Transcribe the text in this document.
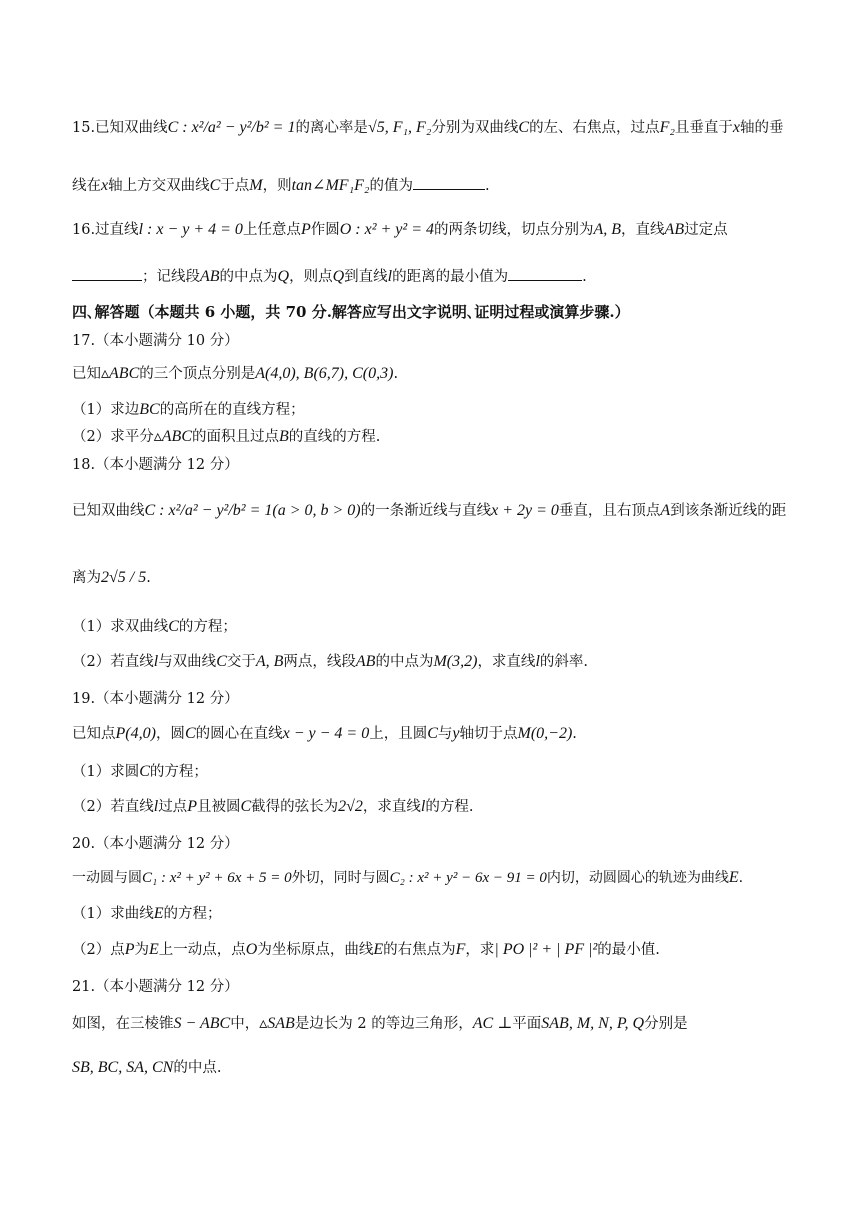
15.已知双曲线C : x²/a² − y²/b² = 1的离心率是√5, F₁, F₂分别为双曲线C的左、右焦点，过点F₂且垂直于x轴的垂
线在x轴上方交双曲线C于点M，则tan∠MF₁F₂的值为	.
16.过直线l : x − y + 4 = 0上任意点P作圆O : x² + y² = 4的两条切线，切点分别为A, B，直线AB过定点
；记线段AB的中点为Q，则点Q到直线l的距离的最小值为	.
四､解答题（本题共 6 小题，共 70 分.解答应写出文字说明､证明过程或演算步骤.）
17.（本小题满分 10 分）
已知▵ABC的三个顶点分别是A(4,0), B(6,7), C(0,3).
（1）求边BC的高所在的直线方程；
（2）求平分▵ABC的面积且过点B的直线的方程.
18.（本小题满分 12 分）
已知双曲线C : x²/a² − y²/b² = 1(a > 0, b > 0)的一条渐近线与直线x + 2y = 0垂直，且右顶点A到该条渐近线的距
离为2√5 / 5.
（1）求双曲线C的方程；
（2）若直线l与双曲线C交于A, B两点，线段AB的中点为M(3,2)，求直线l的斜率.
19.（本小题满分 12 分）
已知点P(4,0)，圆C的圆心在直线x − y − 4 = 0上，且圆C与y轴切于点M(0,−2).
（1）求圆C的方程；
（2）若直线l过点P且被圆C截得的弦长为2√2，求直线l的方程.
20.（本小题满分 12 分）
一动圆与圆C₁ : x² + y² + 6x + 5 = 0外切，同时与圆C₂ : x² + y² − 6x − 91 = 0内切，动圆圆心的轨迹为曲线E.
（1）求曲线E的方程；
（2）点P为E上一动点，点O为坐标原点，曲线E的右焦点为F，求| PO |² + | PF |²的最小值.
21.（本小题满分 12 分）
如图，在三棱锥S − ABC中，▵SAB是边长为 2 的等边三角形，AC ⊥平面SAB, M, N, P, Q分别是
SB, BC, SA, CN的中点.
